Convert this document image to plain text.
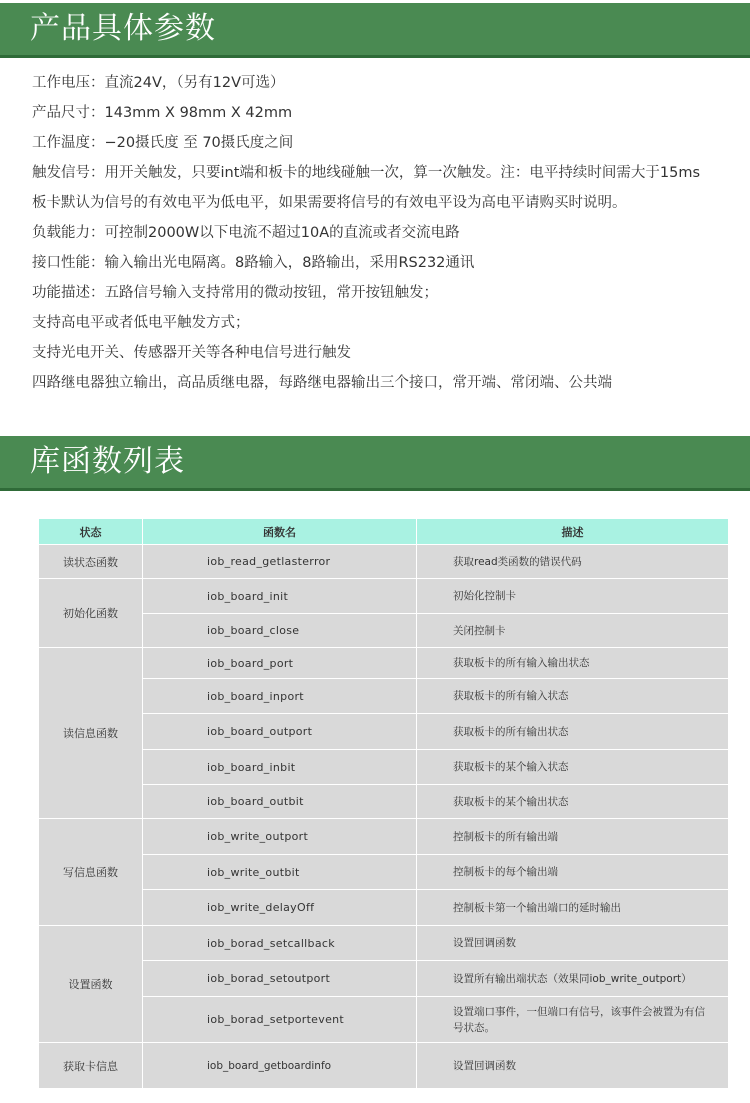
产品具体参数
工作电压：直流24V，（另有12V可选）
产品尺寸：143mm X 98mm X 42mm
工作温度：−20摄氏度 至 70摄氏度之间
触发信号：用开关触发，只要int端和板卡的地线碰触一次，算一次触发。注：电平持续时间需大于15ms
板卡默认为信号的有效电平为低电平，如果需要将信号的有效电平设为高电平请购买时说明。
负载能力：可控制2000W以下电流不超过10A的直流或者交流电路
接口性能：输入输出光电隔离。8路输入，8路输出，采用RS232通讯
功能描述：五路信号输入支持常用的微动按钮，常开按钮触发；
支持高电平或者低电平触发方式；
支持光电开关、传感器开关等各种电信号进行触发
四路继电器独立输出，高品质继电器，每路继电器输出三个接口，常开端、常闭端、公共端
库函数列表
状态	函数名	描述
读状态函数	iob_read_getlasterror	获取read类函数的错误代码
初始化函数	iob_board_init	初始化控制卡
	iob_board_close	关闭控制卡
读信息函数	iob_board_port	获取板卡的所有输入输出状态
	iob_board_inport	获取板卡的所有输入状态
	iob_board_outport	获取板卡的所有输出状态
	iob_board_inbit	获取板卡的某个输入状态
	iob_board_outbit	获取板卡的某个输出状态
写信息函数	iob_write_outport	控制板卡的所有输出端
	iob_write_outbit	控制板卡的每个输出端
	iob_write_delayOff	控制板卡第一个输出端口的延时输出
设置函数	iob_borad_setcallback	设置回调函数
	iob_borad_setoutport	设置所有输出端状态（效果同iob_write_outport）
	iob_borad_setportevent	设置端口事件，一但端口有信号，该事件会被置为有信号状态。
获取卡信息	iob_board_getboardinfo	设置回调函数
